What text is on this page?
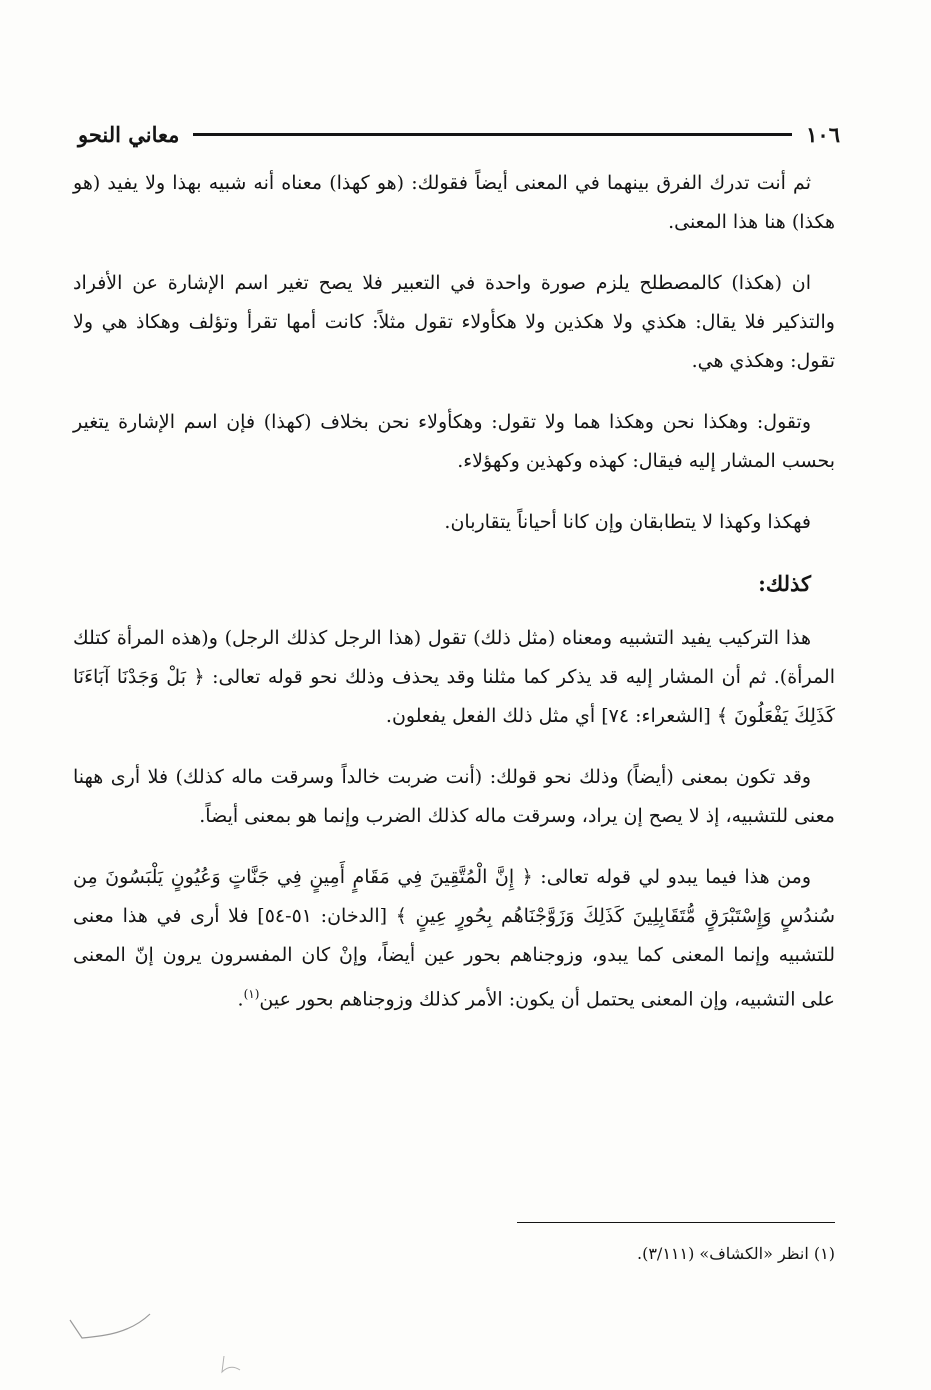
معاني النحو	١٠٦

ثم أنت تدرك الفرق بينهما في المعنى أيضاً فقولك: (هو كهذا) معناه أنه شبيه بهذا ولا يفيد (هو هكذا) هنا هذا المعنى.

ان (هكذا) كالمصطلح يلزم صورة واحدة في التعبير فلا يصح تغير اسم الإشارة عن الأفراد والتذكير فلا يقال: هكذي ولا هكذين ولا هكأولاء تقول مثلاً: كانت أمها تقرأ وتؤلف وهكاذ هي ولا تقول: وهكذي هي.

وتقول: وهكذا نحن وهكذا هما ولا تقول: وهكأولاء نحن بخلاف (كهذا) فإن اسم الإشارة يتغير بحسب المشار إليه فيقال: كهذه وكهذين وكهؤلاء.

فهكذا وكهذا لا يتطابقان وإن كانا أحياناً يتقاربان.

كذلك:

هذا التركيب يفيد التشبيه ومعناه (مثل ذلك) تقول (هذا الرجل كذلك الرجل) و(هذه المرأة كتلك المرأة). ثم أن المشار إليه قد يذكر كما مثلنا وقد يحذف وذلك نحو قوله تعالى: ﴿ بَلْ وَجَدْنَا آبَاءَنَا كَذَلِكَ يَفْعَلُونَ ﴾ [الشعراء: ٧٤] أي مثل ذلك الفعل يفعلون.

وقد تكون بمعنى (أيضاً) وذلك نحو قولك: (أنت ضربت خالداً وسرقت ماله كذلك) فلا أرى ههنا معنى للتشبيه، إذ لا يصح إن يراد، وسرقت ماله كذلك الضرب وإنما هو بمعنى أيضاً.

ومن هذا فيما يبدو لي قوله تعالى: ﴿ إِنَّ الْمُتَّقِينَ فِي مَقَامٍ أَمِينٍ فِي جَنَّاتٍ وَعُيُونٍ يَلْبَسُونَ مِن سُندُسٍ وَإِسْتَبْرَقٍ مُّتَقَابِلِينَ كَذَلِكَ وَزَوَّجْنَاهُم بِحُورٍ عِينٍ ﴾ [الدخان: ٥١-٥٤] فلا أرى في هذا معنى للتشبيه وإنما المعنى كما يبدو، وزوجناهم بحور عين أيضاً، وإنْ كان المفسرون يرون إنّ المعنى على التشبيه، وإن المعنى يحتمل أن يكون: الأمر كذلك وزوجناهم بحور عين$^{(١)}$.

(١) انظر «الكشاف» (٣/١١١).
